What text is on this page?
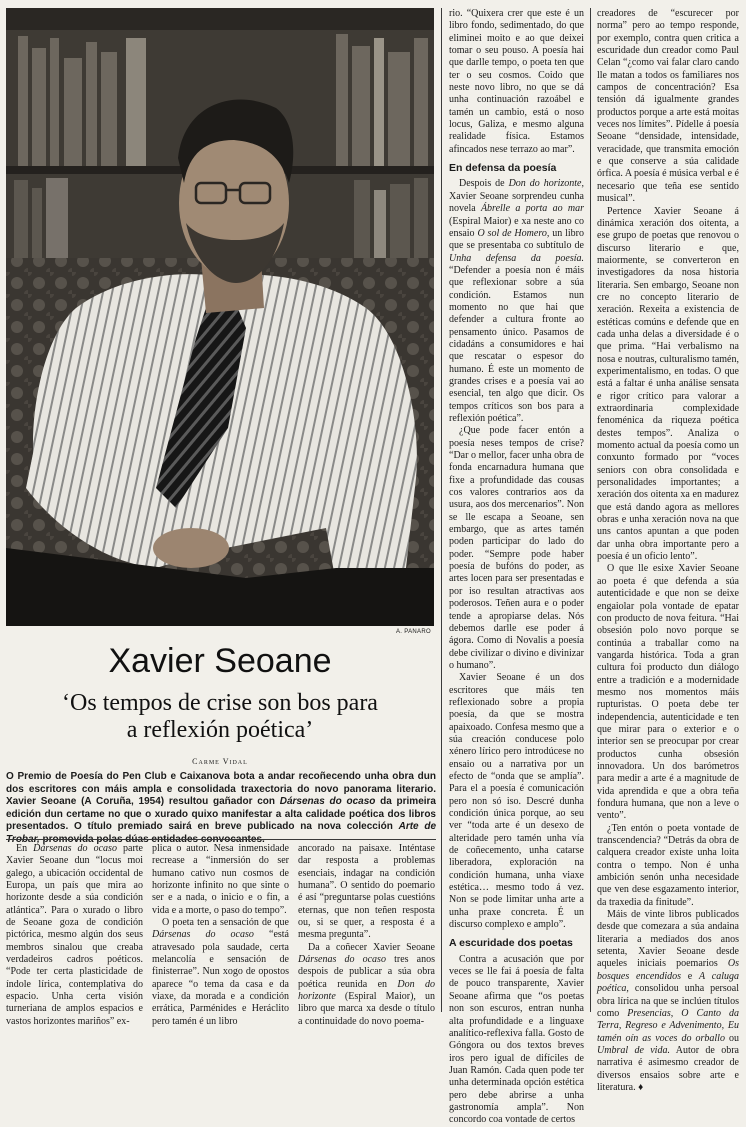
A. PANARO
Xavier Seoane
‘Os tempos de crise son bos para
a reflexión poética’
Carme Vidal
O Premio de Poesía do Pen Club e Caixanova bota a andar recoñecendo unha obra dun dos escritores con máis ampla e consolidada traxectoria do novo panorama literario. Xavier Seoane (A Coruña, 1954) resultou gañador con Dársenas do ocaso da primeira edición dun certame no que o xurado quixo manifestar a alta calidade poética dos libros presentados. O título premiado sairá en breve publicado na nova colección Arte de

En Dársenas do ocaso parte Xavier Seoane dun “locus moi galego, a ubicación occidental de Europa, un país que mira ao horizonte desde a súa condición atlántica”. Para o xurado o libro de Seoane goza de condición pictórica, mesmo algún dos seus membros sinalou que creaba verdadeiros cadros poéticos. “Pode ter certa plasticidade de índole lírica, contemplativa do espacio. Unha certa visión turneriana de amplos espacios e vastos horizontes mariños” ex-

plica o autor. Nesa inmensidade recrease a “inmersión do ser humano cativo nun cosmos de horizonte infinito no que sinte o ser e a nada, o inicio e o fin, a vida e a morte, o paso do tempo”.

O poeta ten a sensación de que Dársenas do ocaso “está atravesado pola saudade, certa melancolía e sensación de finisterrae”. Nun xogo de opostos aparece “o tema da casa e da viaxe, da morada e a condición errática, Parménides e Heráclito pero tamén é un libro

ancorado na paisaxe. Inténtase dar resposta a problemas esenciais, indagar na condición humana”. O sentido do poemario é así “preguntarse polas cuestións eternas, que non teñen resposta ou, si se quer, a resposta é a mesma pregunta”.

Da a coñecer Xavier Seoane Dársenas do ocaso tres anos despois de publicar a súa obra poética reunida en Don do horizonte (Espiral Maior), un libro que marca xa desde o título a continuidade do novo poema-

rio. “Quixera crer que este é un libro fondo, sedimentado, do que eliminei moito e ao que deixei tomar o seu pouso. A poesía hai que darlle tempo, o poeta ten que ter o seu cosmos. Coido que neste novo libro, no que se dá unha continuación razoábel e tamén un cambio, está o noso locus, Galiza, e mesmo alguna realidade física. Estamos afincados nese terrazo ao mar”.

En defensa da poesía

Despois de Don do horizonte, Xavier Seoane sorprendeu cunha novela Ábrelle a porta ao mar (Espiral Maior) e xa neste ano co ensaio O sol de Homero, un libro que se presentaba co subtítulo de Unha defensa da poesía. “Defender a poesía non é máis que reflexionar sobre a súa condición. Estamos nun momento no que hai que defender a cultura fronte ao pensamento único. Pasamos de cidadáns a consumidores e hai que rescatar o espesor do humano. É este un momento de grandes crises e a poesía vai ao esencial, ten algo que dicir. Os tempos críticos son bos para a reflexión poética”.

¿Que pode facer entón a poesía neses tempos de crise? “Dar o mellor, facer unha obra de fonda encarnadura humana que fixe a profundidade das cousas cos valores contrarios aos da usura, aos dos mercenarios”. Non se lle escapa a Seoane, sen embargo, que as artes tamén poden participar do lado do poder. “Sempre pode haber poesía de bufóns do poder, as artes locen para ser presentadas e por iso resultan atractivas aos poderosos. Teñen aura e o poder tende a apropiarse delas. Nós debemos darlle ese poder á ágora. Como di Novalis a poesía debe civilizar o divino e divinizar o humano”.

Xavier Seoane é un dos escritores que máis ten reflexionado sobre a propia poesía, da que se mostra apaixoado. Confesa mesmo que a súa creación conducese polo xénero lírico pero introdúcese no ensaio ou a narrativa por un efecto de “onda que se amplía”. Para el a poesía é comunicación pero non só iso. Descré dunha condición única porque, ao seu ver “toda arte é un desexo de alteridade pero tamén unha vía de coñecemento, unha catarse liberadora, exploración na condición humana, unha viaxe estética… mesmo todo á vez. Non se pode limitar unha arte a unha praxe concreta. É un discurso complexo e amplo”.

A escuridade dos poetas

Contra a acusación que por veces se lle fai á poesía de falta de pouco transparente, Xavier Seoane afirma que “os poetas non son escuros, entran nunha alta profundidade e a linguaxe analítico-reflexiva falla. Gosto de Góngora ou dos textos breves iros pero igual de difíciles de Juan Ramón. Cada quen pode ter unha determinada opción estética pero debe abrirse a unha gastronomía ampla”. Non concordo coa vontade de certos

creadores de “escurecer por norma” pero ao tempo responde, por exemplo, contra quen critica a escuridade dun creador como Paul Celan “¿como vai falar claro cando lle matan a todos os familiares nos campos de concentración? Esa tensión dá igualmente grandes productos porque a arte está moitas veces nos límites”. Pídelle á poesía Seoane “densidade, intensidade, veracidade, que transmita emoción e que conserve a súa calidade órfica. A poesía é música verbal e é necesario que teña ese sentido musical”.

Pertence Xavier Seoane á dinámica xeración dos oitenta, a ese grupo de poetas que renovou o discurso literario e que, maiormente, se converteron en investigadores da nosa historia literaria. Sen embargo, Seoane non cre no concepto literario de xeración. Rexeita a existencia de estéticas comúns e defende que en cada unha delas a diversidade é o que prima. “Hai verbalismo na nosa e noutras, culturalismo tamén, experimentalismo, en todas. O que está a faltar é unha análise sensata e rigor crítico para valorar a extraordinaria complexidade fenoménica da riqueza poética destes tempos”. Analiza o momento actual da poesía como un conxunto formado por “voces seniors con obra consolidada e personalidades importantes; a xeración dos oitenta xa en madurez que está dando agora as mellores obras e unha xeración nova na que uns cantos apuntan a que poden dar unha obra importante pero a poesía é un oficio lento”.

O que lle esixe Xavier Seoane ao poeta é que defenda a súa autenticidade e que non se deixe engaiolar pola vontade de epatar con producto de nova feitura. “Hai obsesión polo novo porque se continúa a traballar como na vangarda histórica. Toda a gran cultura foi producto dun diálogo entre a tradición e a modernidade mesmo nos momentos máis rupturistas. O poeta debe ter independencia, autenticidade e ten que mirar para o exterior e o interior sen se preocupar por crear productos cunha obsesión innovadora. Un dos barómetros para medir a arte é a magnitude de vida aprendida e que a obra teña fondura humana, que non a leve o vento”.

¿Ten entón o poeta vontade de transcendencia? “Detrás da obra de calquera creador existe unha loita contra o tempo. Non é unha ambición senón unha necesidade que ven dese esgazamento interior, da traxedia da finitude”.

Máis de vinte libros publicados desde que comezara a súa andaina literaria a mediados dos anos setenta, Xavier Seoane desde aqueles iniciais poemarios Os bosques encendidos e A caluga poética, consolidou unha persoal obra lírica na que se inclúen títulos como Presencias, O Canto da Terra, Regreso e Advenimento, Eu tamén oín as voces do orballo ou Umbral de vida. Autor de obra narrativa é asimesmo creador de diversos ensaios sobre arte e literatura. ♦
